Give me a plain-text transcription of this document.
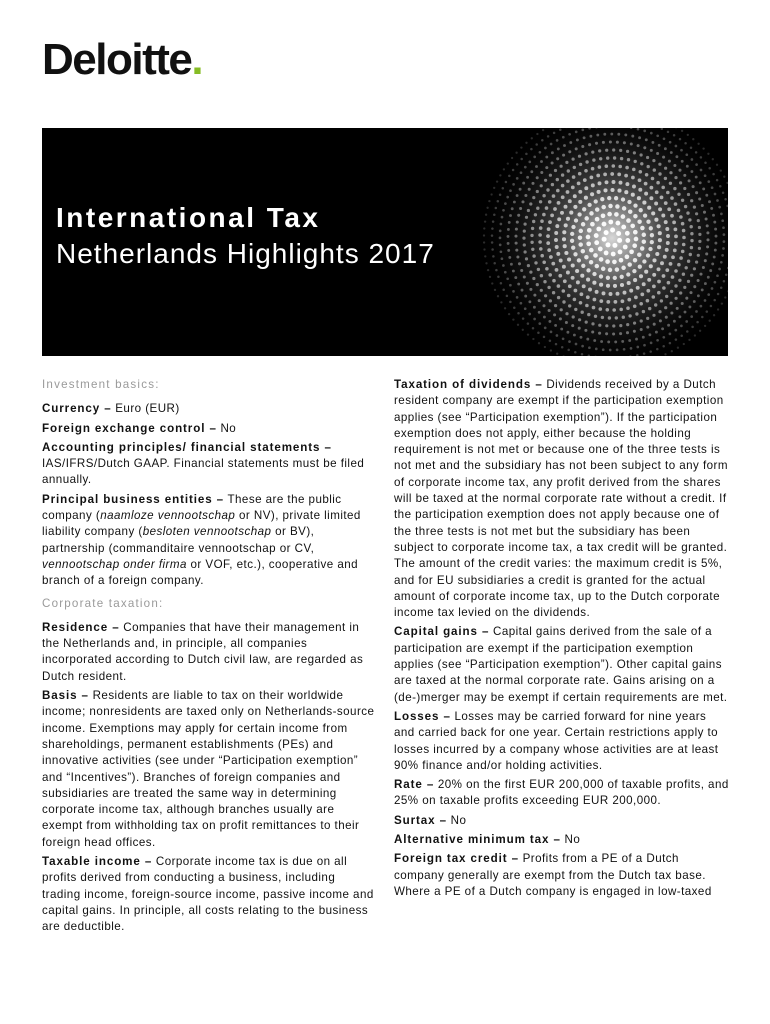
Deloitte.
International Tax
Netherlands Highlights 2017

Investment basics:

Currency – Euro (EUR)

Foreign exchange control – No

Accounting principles/ financial statements – IAS/IFRS/Dutch GAAP. Financial statements must be filed annually.

Principal business entities – These are the public company (naamloze vennootschap or NV), private limited liability company (besloten vennootschap or BV), partnership (commanditaire vennootschap or CV, vennootschap onder firma or VOF, etc.), cooperative and branch of a foreign company.

Corporate taxation:

Residence – Companies that have their management in the Netherlands and, in principle, all companies incorporated according to Dutch civil law, are regarded as Dutch resident.

Basis – Residents are liable to tax on their worldwide income; nonresidents are taxed only on Netherlands-source income. Exemptions may apply for certain income from shareholdings, permanent establishments (PEs) and innovative activities (see under “Participation exemption” and “Incentives”). Branches of foreign companies and subsidiaries are treated the same way in determining corporate income tax, although branches usually are exempt from withholding tax on profit remittances to their foreign head offices.

Taxable income – Corporate income tax is due on all profits derived from conducting a business, including trading income, foreign-source income, passive income and capital gains. In principle, all costs relating to the business are deductible.

Taxation of dividends – Dividends received by a Dutch resident company are exempt if the participation exemption applies (see “Participation exemption”). If the participation exemption does not apply, either because the holding requirement is not met or because one of the three tests is not met and the subsidiary has not been subject to any form of corporate income tax, any profit derived from the shares will be taxed at the normal corporate rate without a credit. If the participation exemption does not apply because one of the three tests is not met but the subsidiary has been subject to corporate income tax, a tax credit will be granted. The amount of the credit varies: the maximum credit is 5%, and for EU subsidiaries a credit is granted for the actual amount of corporate income tax, up to the Dutch corporate income tax levied on the dividends.

Capital gains – Capital gains derived from the sale of a participation are exempt if the participation exemption applies (see “Participation exemption”). Other capital gains are taxed at the normal corporate rate. Gains arising on a (de-)merger may be exempt if certain requirements are met.

Losses – Losses may be carried forward for nine years and carried back for one year. Certain restrictions apply to losses incurred by a company whose activities are at least 90% finance and/or holding activities.

Rate – 20% on the first EUR 200,000 of taxable profits, and 25% on taxable profits exceeding EUR 200,000.

Surtax – No

Alternative minimum tax – No

Foreign tax credit – Profits from a PE of a Dutch company generally are exempt from the Dutch tax base. Where a PE of a Dutch company is engaged in low-taxed
